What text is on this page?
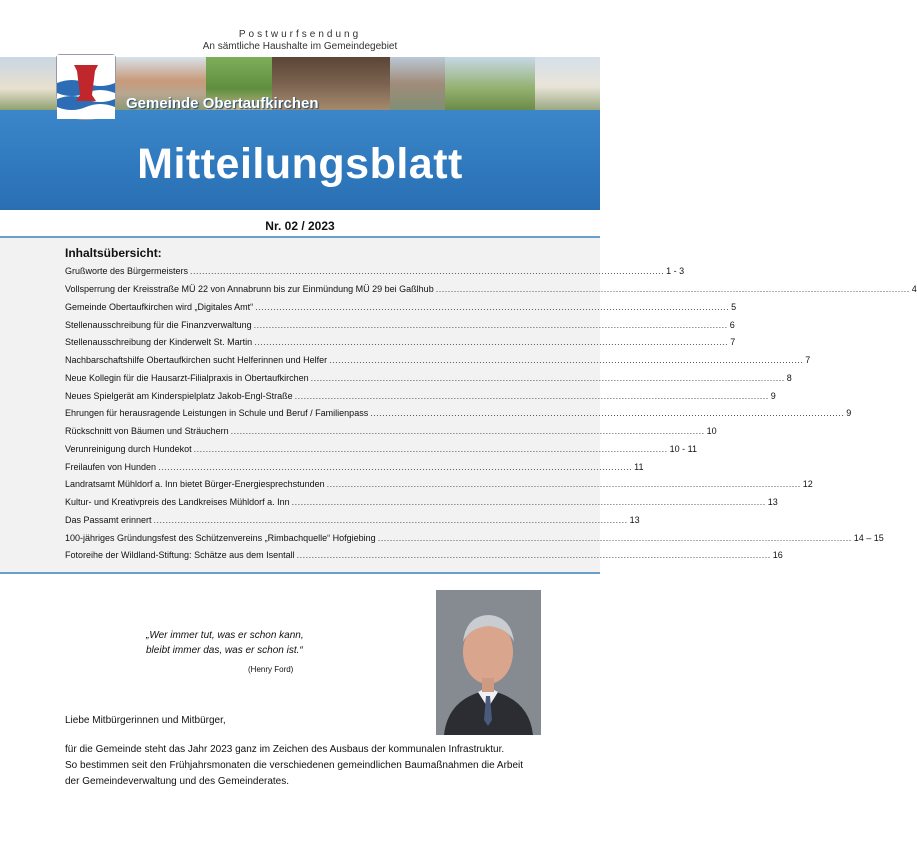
Postwurfsendung
An sämtliche Haushalte im Gemeindegebiet
Gemeinde Obertaufkirchen
Mitteilungsblatt
Nr. 02 / 2023
Inhaltsübersicht:
Grußworte des Bürgermeisters .............................................................................................................................................................. 1 - 3
Vollsperrung der Kreisstraße MÜ 22 von Annabrunn bis zur Einmündung MÜ 29 bei Gaßlhub .............................................................................................................................................................. 4
Gemeinde Obertaufkirchen wird „Digitales Amt“ .............................................................................................................................................................. 5
Stellenausschreibung für die Finanzverwaltung .............................................................................................................................................................. 6
Stellenausschreibung der Kinderwelt St. Martin .............................................................................................................................................................. 7
Nachbarschaftshilfe Obertaufkirchen sucht Helferinnen und Helfer .............................................................................................................................................................. 7
Neue Kollegin für die Hausarzt-Filialpraxis in Obertaufkirchen .............................................................................................................................................................. 8
Neues Spielgerät am Kinderspielplatz Jakob-Engl-Straße .............................................................................................................................................................. 9
Ehrungen für herausragende Leistungen in Schule und Beruf / Familienpass .............................................................................................................................................................. 9
Rückschnitt von Bäumen und Sträuchern .............................................................................................................................................................. 10
Verunreinigung durch Hundekot .............................................................................................................................................................. 10 - 11
Freilaufen von Hunden .............................................................................................................................................................. 11
Landratsamt Mühldorf a. Inn bietet Bürger-Energiesprechstunden .............................................................................................................................................................. 12
Kultur- und Kreativpreis des Landkreises Mühldorf a. Inn .............................................................................................................................................................. 13
Das Passamt erinnert .............................................................................................................................................................. 13
100-jähriges Gründungsfest des Schützenvereins „Rimbachquelle“ Hofgiebing .............................................................................................................................................................. 14 – 15
Fotoreihe der Wildland-Stiftung: Schätze aus dem Isentall .............................................................................................................................................................. 16
„Wer immer tut, was er schon kann,
bleibt immer das, was er schon ist.“
(Henry Ford)
Liebe Mitbürgerinnen und Mitbürger,
für die Gemeinde steht das Jahr 2023 ganz im Zeichen des Ausbaus der kommunalen Infrastruktur.
So bestimmen seit den Frühjahrsmonaten die verschiedenen gemeindlichen Baumaßnahmen die Arbeit
der Gemeindeverwaltung und des Gemeinderates.
